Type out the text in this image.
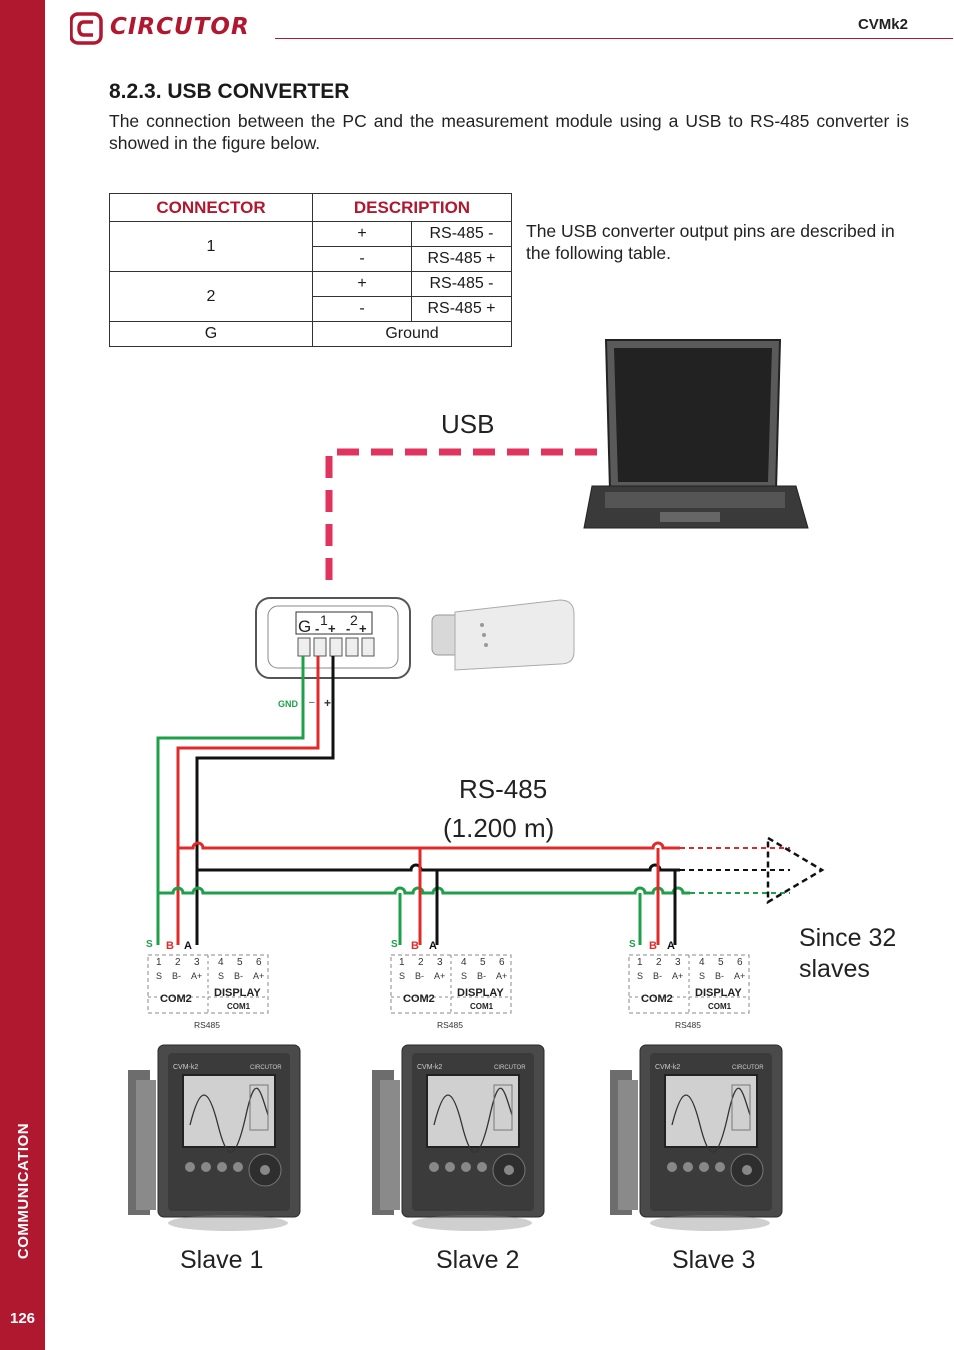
COMMUNICATION
126
CIRCUTOR	CVMk2
8.2.3. USB CONVERTER
The connection between the PC and the measurement module using a USB to RS-485 converter is showed in the figure below.
CONNECTOR	DESCRIPTION	
1	+	RS-485 -
	-	RS-485 +
2	+	RS-485 -
	-	RS-485 +
G	Ground	
The USB converter output pins are described in the following table.
USB
G 1 2
- + - +
GND – +
RS-485
(1.200 m)
Since 32
slaves
S B A
1 2 3 4 5 6
S B- A+ S B- A+
COM2 DISPLAY
COM1
RS485
S B A
1 2 3 4 5 6
S B- A+ S B- A+
COM2 DISPLAY
COM1
RS485
S B A
1 2 3 4 5 6
S B- A+ S B- A+
COM2 DISPLAY
COM1
RS485
CVM-k2	CIRCUTOR	CVM-k2	CIRCUTOR	CVM-k2	CIRCUTOR
Slave 1	Slave 2	Slave 3
